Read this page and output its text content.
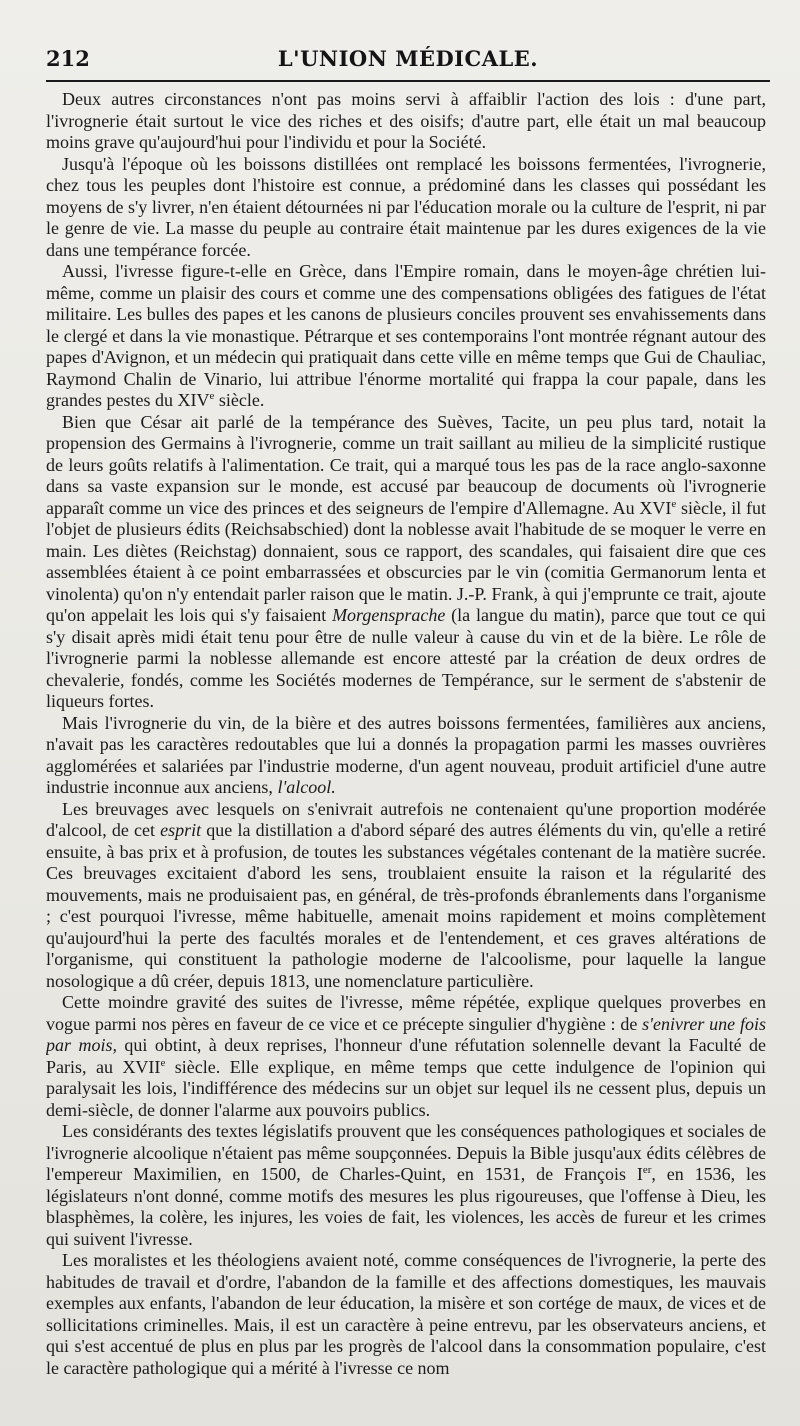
212	L'UNION MÉDICALE.

Deux autres circonstances n'ont pas moins servi à affaiblir l'action des lois : d'une part, l'ivrognerie était surtout le vice des riches et des oisifs; d'autre part, elle était un mal beaucoup moins grave qu'aujourd'hui pour l'individu et pour la Société.

Jusqu'à l'époque où les boissons distillées ont remplacé les boissons fermentées, l'ivrognerie, chez tous les peuples dont l'histoire est connue, a prédominé dans les classes qui possédant les moyens de s'y livrer, n'en étaient détournées ni par l'éducation morale ou la culture de l'esprit, ni par le genre de vie. La masse du peuple au contraire était maintenue par les dures exigences de la vie dans une tempérance forcée.

Aussi, l'ivresse figure-t-elle en Grèce, dans l'Empire romain, dans le moyen-âge chrétien lui-même, comme un plaisir des cours et comme une des compensations obligées des fatigues de l'état militaire. Les bulles des papes et les canons de plusieurs conciles prouvent ses envahissements dans le clergé et dans la vie monastique. Pétrarque et ses contemporains l'ont montrée régnant autour des papes d'Avignon, et un médecin qui pratiquait dans cette ville en même temps que Gui de Chauliac, Raymond Chalin de Vinario, lui attribue l'énorme mortalité qui frappa la cour papale, dans les grandes pestes du XIVe siècle.

Bien que César ait parlé de la tempérance des Suèves, Tacite, un peu plus tard, notait la propension des Germains à l'ivrognerie, comme un trait saillant au milieu de la simplicité rustique de leurs goûts relatifs à l'alimentation. Ce trait, qui a marqué tous les pas de la race anglo-saxonne dans sa vaste expansion sur le monde, est accusé par beaucoup de documents où l'ivrognerie apparaît comme un vice des princes et des seigneurs de l'empire d'Allemagne. Au XVIe siècle, il fut l'objet de plusieurs édits (Reichsabschied) dont la noblesse avait l'habitude de se moquer le verre en main. Les diètes (Reichstag) donnaient, sous ce rapport, des scandales, qui faisaient dire que ces assemblées étaient à ce point embarrassées et obscurcies par le vin (comitia Germanorum lenta et vinolenta) qu'on n'y entendait parler raison que le matin. J.-P. Frank, à qui j'emprunte ce trait, ajoute qu'on appelait les lois qui s'y faisaient Morgensprache (la langue du matin), parce que tout ce qui s'y disait après midi était tenu pour être de nulle valeur à cause du vin et de la bière. Le rôle de l'ivrognerie parmi la noblesse allemande est encore attesté par la création de deux ordres de chevalerie, fondés, comme les Sociétés modernes de Tempérance, sur le serment de s'abstenir de liqueurs fortes.

Mais l'ivrognerie du vin, de la bière et des autres boissons fermentées, familières aux anciens, n'avait pas les caractères redoutables que lui a donnés la propagation parmi les masses ouvrières agglomérées et salariées par l'industrie moderne, d'un agent nouveau, produit artificiel d'une autre industrie inconnue aux anciens, l'alcool.

Les breuvages avec lesquels on s'enivrait autrefois ne contenaient qu'une proportion modérée d'alcool, de cet esprit que la distillation a d'abord séparé des autres éléments du vin, qu'elle a retiré ensuite, à bas prix et à profusion, de toutes les substances végétales contenant de la matière sucrée. Ces breuvages excitaient d'abord les sens, troublaient ensuite la raison et la régularité des mouvements, mais ne produisaient pas, en général, de très-profonds ébranlements dans l'organisme ; c'est pourquoi l'ivresse, même habituelle, amenait moins rapidement et moins complètement qu'aujourd'hui la perte des facultés morales et de l'entendement, et ces graves altérations de l'organisme, qui constituent la pathologie moderne de l'alcoolisme, pour laquelle la langue nosologique a dû créer, depuis 1813, une nomenclature particulière.

Cette moindre gravité des suites de l'ivresse, même répétée, explique quelques proverbes en vogue parmi nos pères en faveur de ce vice et ce précepte singulier d'hygiène : de s'enivrer une fois par mois, qui obtint, à deux reprises, l'honneur d'une réfutation solennelle devant la Faculté de Paris, au XVIIe siècle. Elle explique, en même temps que cette indulgence de l'opinion qui paralysait les lois, l'indifférence des médecins sur un objet sur lequel ils ne cessent plus, depuis un demi-siècle, de donner l'alarme aux pouvoirs publics.

Les considérants des textes législatifs prouvent que les conséquences pathologiques et sociales de l'ivrognerie alcoolique n'étaient pas même soupçonnées. Depuis la Bible jusqu'aux édits célèbres de l'empereur Maximilien, en 1500, de Charles-Quint, en 1531, de François Ier, en 1536, les législateurs n'ont donné, comme motifs des mesures les plus rigoureuses, que l'offense à Dieu, les blasphèmes, la colère, les injures, les voies de fait, les violences, les accès de fureur et les crimes qui suivent l'ivresse.

Les moralistes et les théologiens avaient noté, comme conséquences de l'ivrognerie, la perte des habitudes de travail et d'ordre, l'abandon de la famille et des affections domestiques, les mauvais exemples aux enfants, l'abandon de leur éducation, la misère et son cortége de maux, de vices et de sollicitations criminelles. Mais, il est un caractère à peine entrevu, par les observateurs anciens, et qui s'est accentué de plus en plus par les progrès de l'alcool dans la consommation populaire, c'est le caractère pathologique qui a mérité à l'ivresse ce nom
